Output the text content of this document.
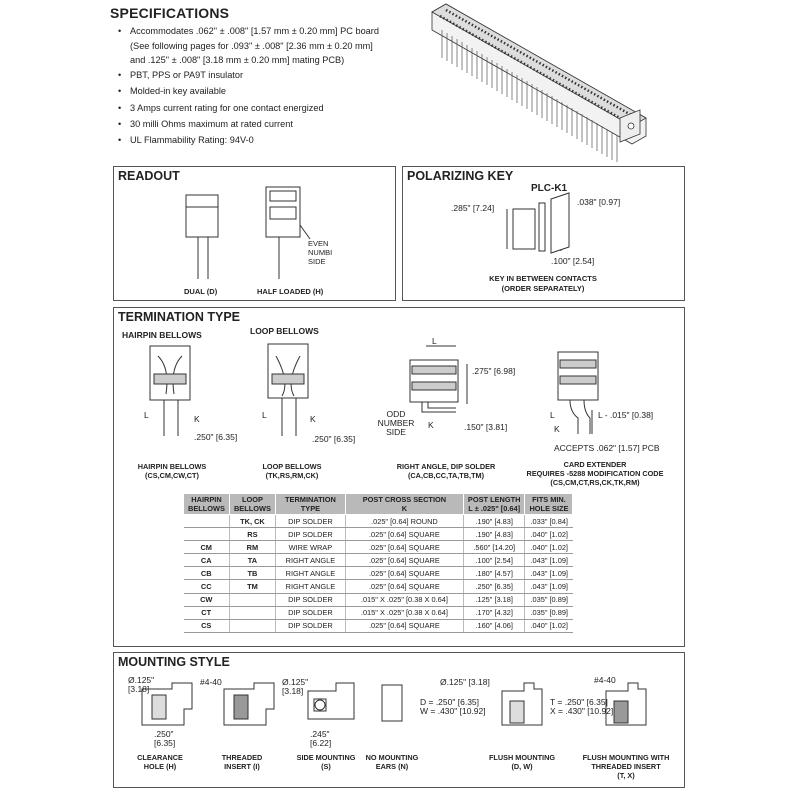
SPECIFICATIONS
• Accommodates .062" ± .008" [1.57 mm ± 0.20 mm] PC board
(See following pages for .093" ± .008" [2.36 mm ± 0.20 mm]
and .125" ± .008" [3.18 mm ± 0.20 mm] mating PCB)
• PBT, PPS or PA9T insulator
• Molded-in key available
• 3 Amps current rating for one contact energized
• 30 milli Ohms maximum at rated current
• UL Flammability Rating: 94V-0
READOUT
EVEN
NUMBI
SIDE
DUAL (D)	HALF LOADED (H)
POLARIZING KEY
PLC-K1
.285" [7.24]
.038" [0.97]
.100" [2.54]
KEY IN BETWEEN CONTACTS
(ORDER SEPARATELY)
TERMINATION TYPE
HAIRPIN BELLOWS	LOOP BELLOWS
L	K
.250" [6.35]
L	K
.250" [6.35]
L
.275" [6.98]
.150" [3.81]
ODD
NUMBER
SIDE
K
L	L - .015" [0.38]
K
ACCEPTS .062" [1.57] PCB
HAIRPIN BELLOWS
(CS,CM,CW,CT)
LOOP BELLOWS
(TK,RS,RM,CK)
RIGHT ANGLE, DIP SOLDER
(CA,CB,CC,TA,TB,TM)
CARD EXTENDER
REQUIRES -5288 MODIFICATION CODE
(CS,CM,CT,RS,CK,TK,RM)
HAIRPIN
BELLOWS	LOOP
BELLOWS	TERMINATION
TYPE	POST CROSS SECTION
K	POST LENGTH
L ± .025" [0.64]	FITS MIN.
HOLE SIZE
	TK, CK	DIP SOLDER	.025" [0.64] ROUND	.190" [4.83]	.033" [0.84]
	RS	DIP SOLDER	.025" [0.64] SQUARE	.190" [4.83]	.040" [1.02]
CM	RM	WIRE WRAP	.025" [0.64] SQUARE	.560" [14.20]	.040" [1.02]
CA	TA	RIGHT ANGLE	.025" [0.64] SQUARE	.100" [2.54]	.043" [1.09]
CB	TB	RIGHT ANGLE	.025" [0.64] SQUARE	.180" [4.57]	.043" [1.09]
CC	TM	RIGHT ANGLE	.025" [0.64] SQUARE	.250" [6.35]	.043" [1.09]
CW		DIP SOLDER	.015" X .025" [0.38 X 0.64]	.125" [3.18]	.035" [0.89]
CT		DIP SOLDER	.015" X .025" [0.38 X 0.64]	.170" [4.32]	.035" [0.89]
CS		DIP SOLDER	.025" [0.64] SQUARE	.160" [4.06]	.040" [1.02]
MOUNTING STYLE
Ø.125"
[3.18]
.250"
[6.35]
#4-40	Ø.125"
[3.18]
.245"
[6.22]
Ø.125" [3.18]
D = .250" [6.35]
W = .430" [10.92]
#4-40
T = .250" [6.35]
X = .430" [10.92]
CLEARANCE
HOLE (H)
THREADED
INSERT (I)
SIDE MOUNTING
(S)
NO MOUNTING
EARS (N)
FLUSH MOUNTING
(D, W)
FLUSH MOUNTING WITH
THREADED INSERT
(T, X)
